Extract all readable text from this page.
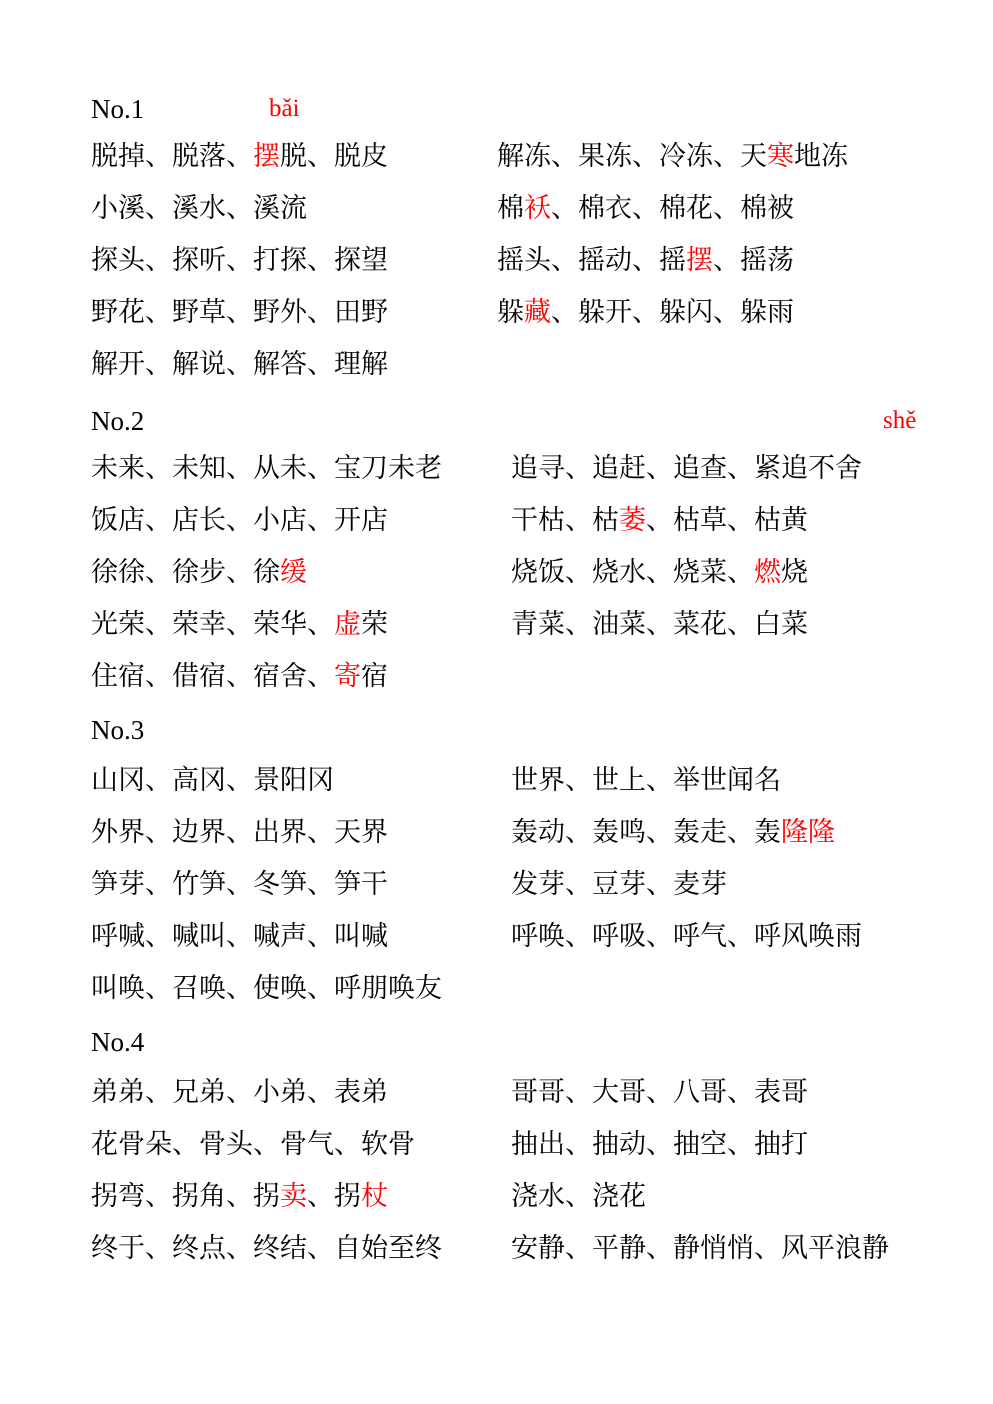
No.1	bǎi
脱掉、脱落、摆脱、脱皮
小溪、溪水、溪流
探头、探听、打探、探望
野花、野草、野外、田野
解开、解说、解答、理解
解冻、果冻、冷冻、天寒地冻
棉袄、棉衣、棉花、棉被
摇头、摇动、摇摆、摇荡
躲藏、躲开、躲闪、躲雨
No.2	shě
未来、未知、从未、宝刀未老
饭店、店长、小店、开店
徐徐、徐步、徐缓
光荣、荣幸、荣华、虚荣
住宿、借宿、宿舍、寄宿
追寻、追赶、追查、紧追不舍
干枯、枯萎、枯草、枯黄
烧饭、烧水、烧菜、燃烧
青菜、油菜、菜花、白菜
No.3
山冈、高冈、景阳冈
外界、边界、出界、天界
笋芽、竹笋、冬笋、笋干
呼喊、喊叫、喊声、叫喊
叫唤、召唤、使唤、呼朋唤友
世界、世上、举世闻名
轰动、轰鸣、轰走、轰隆隆
发芽、豆芽、麦芽
呼唤、呼吸、呼气、呼风唤雨
No.4
弟弟、兄弟、小弟、表弟
花骨朵、骨头、骨气、软骨
拐弯、拐角、拐卖、拐杖
终于、终点、终结、自始至终
哥哥、大哥、八哥、表哥
抽出、抽动、抽空、抽打
浇水、浇花
安静、平静、静悄悄、风平浪静
